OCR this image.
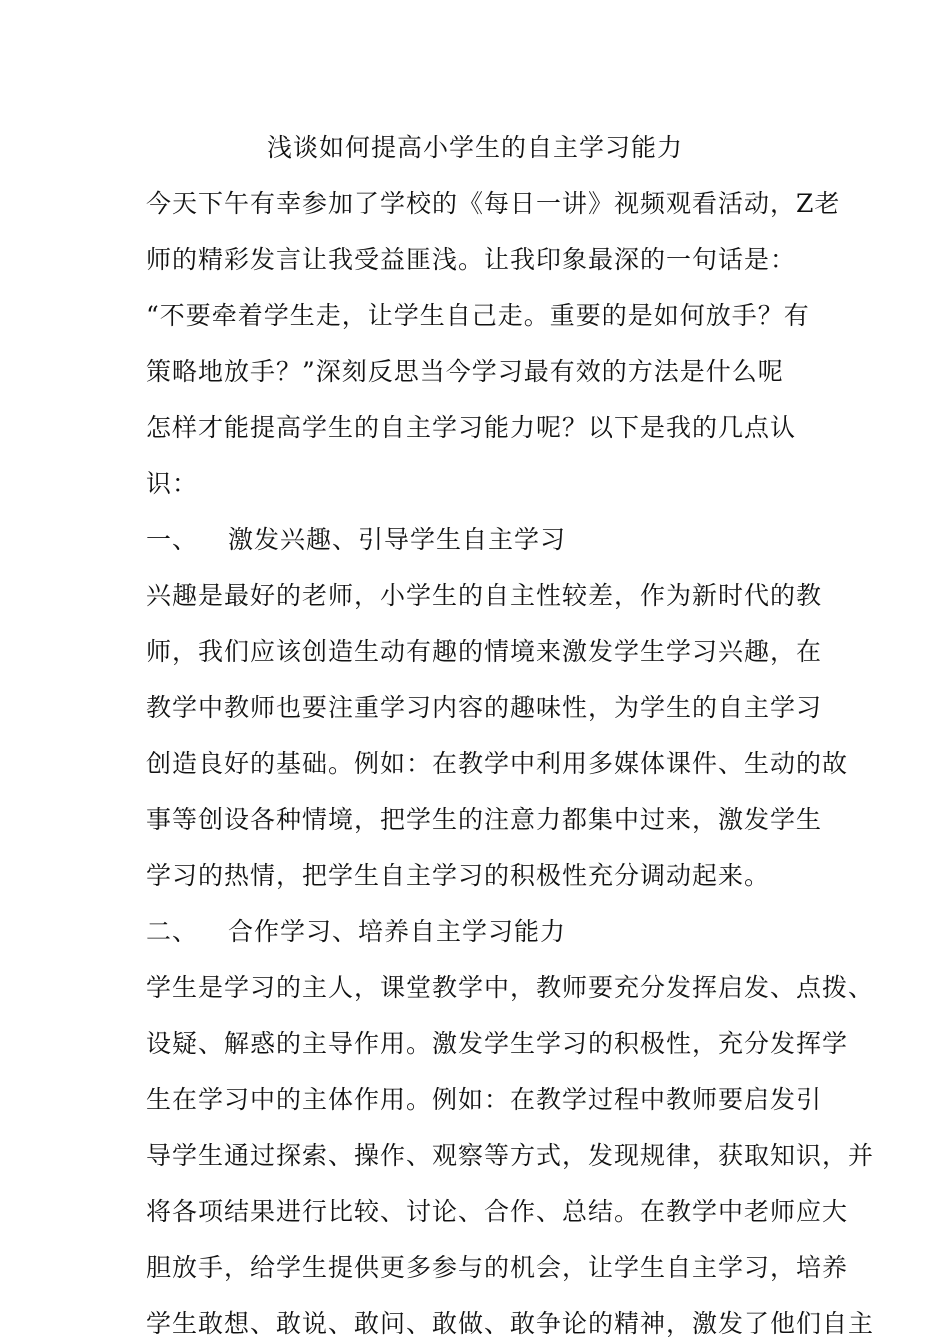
浅谈如何提高小学生的自主学习能力
今天下午有幸参加了学校的《每日一讲》视频观看活动，Z老
师的精彩发言让我受益匪浅。让我印象最深的一句话是：
“不要牵着学生走，让学生自己走。重要的是如何放手？有
策略地放手？”深刻反思当今学习最有效的方法是什么呢
怎样才能提高学生的自主学习能力呢？以下是我的几点认
识：
一、 激发兴趣、引导学生自主学习
兴趣是最好的老师，小学生的自主性较差，作为新时代的教
师，我们应该创造生动有趣的情境来激发学生学习兴趣，在
教学中教师也要注重学习内容的趣味性，为学生的自主学习
创造良好的基础。例如：在教学中利用多媒体课件、生动的故
事等创设各种情境，把学生的注意力都集中过来，激发学生
学习的热情，把学生自主学习的积极性充分调动起来。
二、 合作学习、培养自主学习能力
学生是学习的主人，课堂教学中，教师要充分发挥启发、点拨、
设疑、解惑的主导作用。激发学生学习的积极性，充分发挥学
生在学习中的主体作用。例如：在教学过程中教师要启发引
导学生通过探索、操作、观察等方式，发现规律，获取知识，并
将各项结果进行比较、讨论、合作、总结。在教学中老师应大
胆放手，给学生提供更多参与的机会，让学生自主学习，培养
学生敢想、敢说、敢问、敢做、敢争论的精神，激发了他们自主
